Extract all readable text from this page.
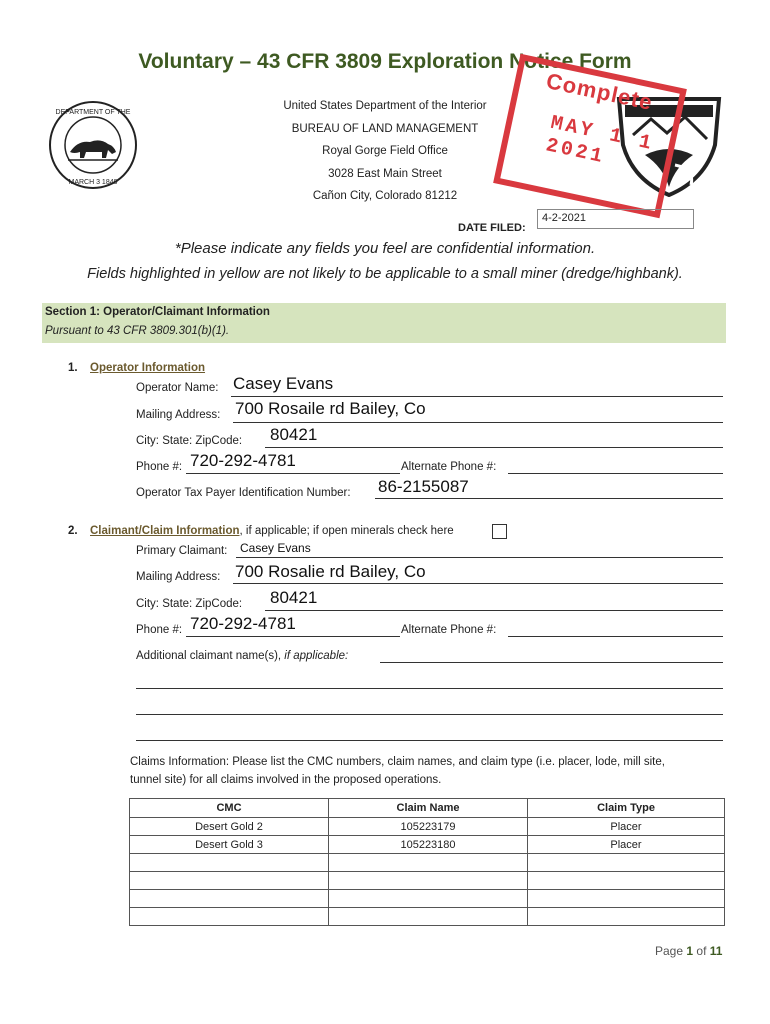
Voluntary – 43 CFR 3809 Exploration Notice Form
DEPARTMENT OF THE
MARCH 3 1849
United States Department of the Interior
BUREAU OF LAND MANAGEMENT
Royal Gorge Field Office
3028 East Main Street
Cañon City, Colorado 81212
Complete
MAY 1 1 2021
DATE FILED:
4-2-2021
*Please indicate any fields you feel are confidential information.
Fields highlighted in yellow are not likely to be applicable to a small miner (dredge/highbank).
Section 1: Operator/Claimant Information
Pursuant to 43 CFR 3809.301(b)(1).
1. Operator Information
Operator Name: Casey Evans
Mailing Address: 700 Rosaile rd Bailey, Co
City: State: ZipCode: 80421
Phone #: 720-292-4781	Alternate Phone #:
Operator Tax Payer Identification Number: 86-2155087
2. Claimant/Claim Information, if applicable; if open minerals check here
Primary Claimant: Casey Evans
Mailing Address: 700 Rosalie rd Bailey, Co
City: State: ZipCode: 80421
Phone #: 720-292-4781	Alternate Phone #:
Additional claimant name(s), if applicable:
Claims Information: Please list the CMC numbers, claim names, and claim type (i.e. placer, lode, mill site,
tunnel site) for all claims involved in the proposed operations.
CMC	Claim Name	Claim Type
Desert Gold 2	105223179	Placer
Desert Gold 3	105223180	Placer

Page 1 of 11
